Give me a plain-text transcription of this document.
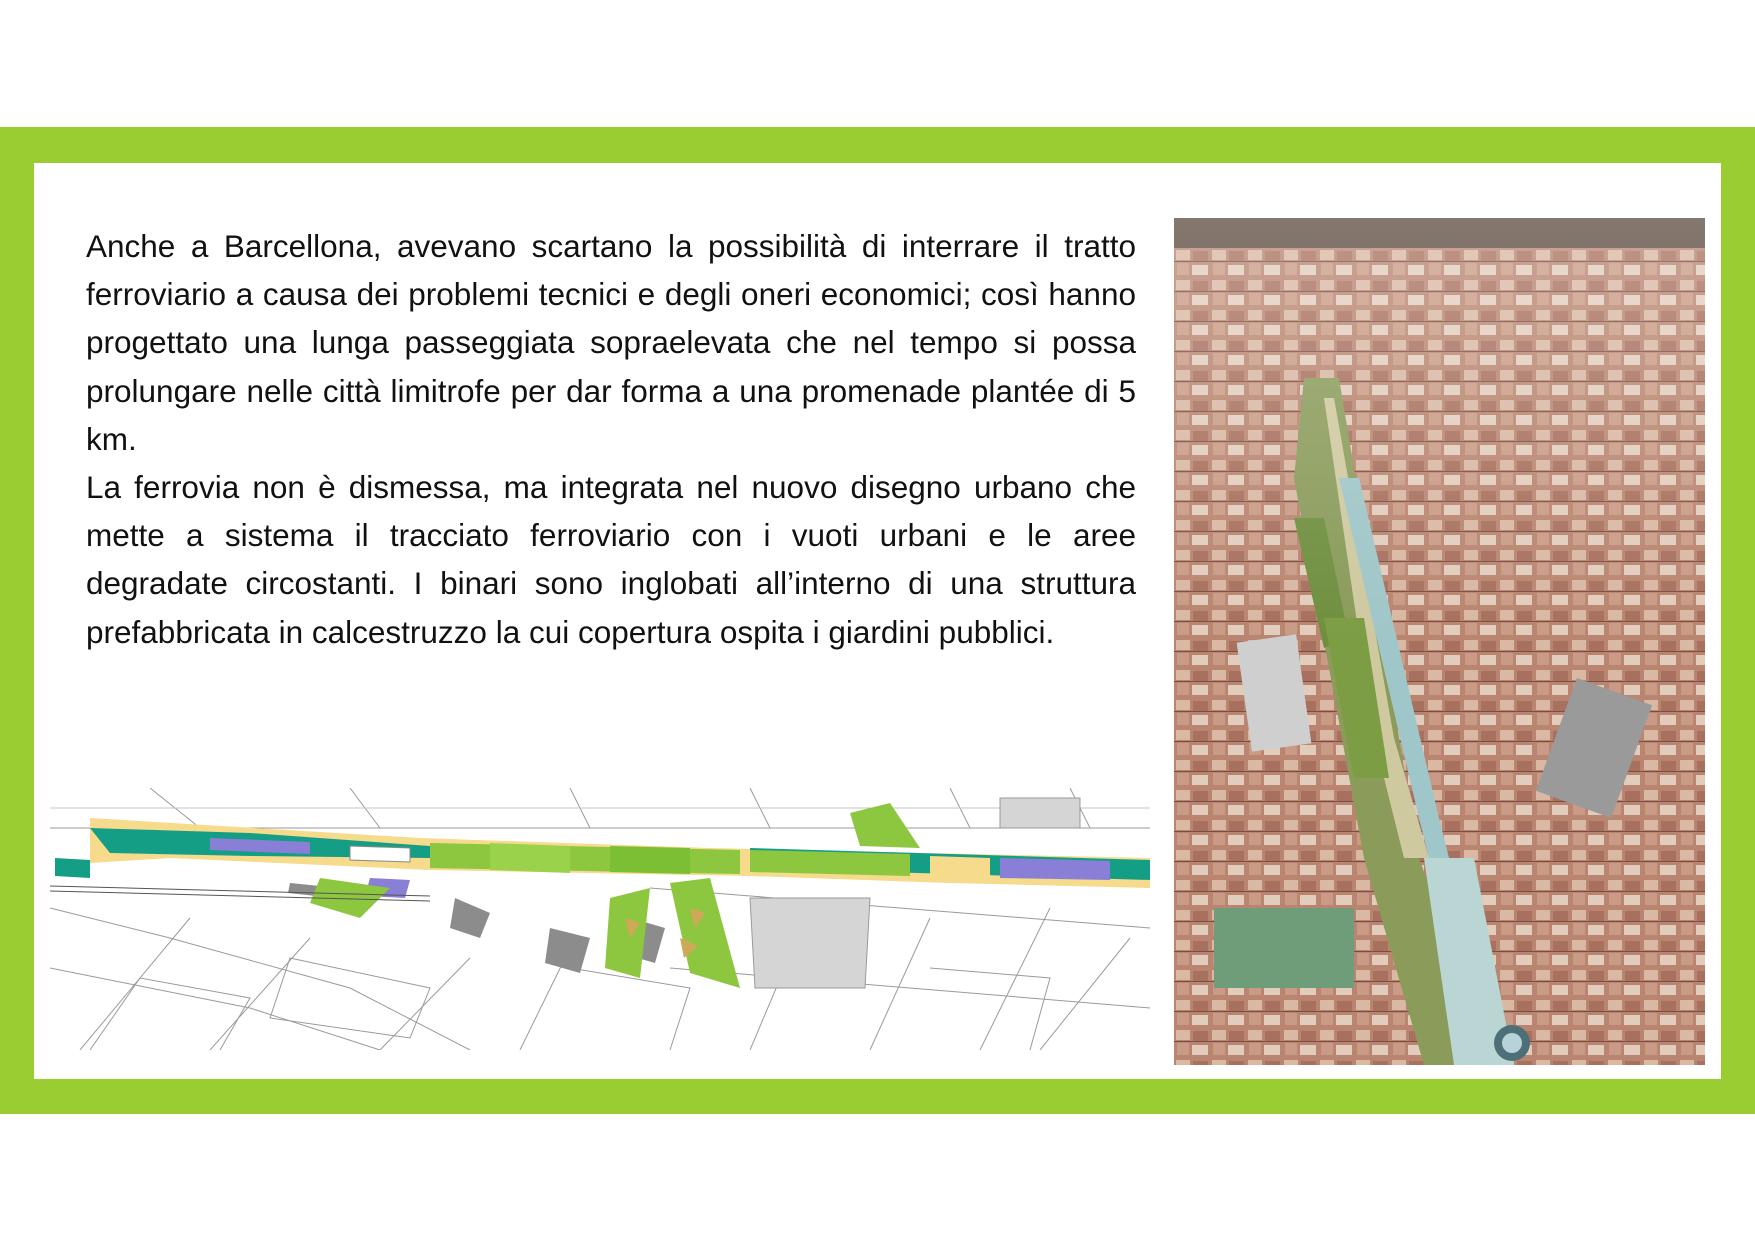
Anche a Barcellona, avevano scartano la possibilità di interrare il tratto ferroviario a causa dei problemi tecnici e degli oneri economici; così hanno progettato una lunga passeggiata sopraelevata che nel tempo si possa prolungare nelle città limitrofe per dar forma a una promenade plantée di 5 km.

La ferrovia non è dismessa, ma integrata nel nuovo disegno urbano che mette a sistema il tracciato ferroviario con i vuoti urbani e le aree degradate circostanti. I binari sono inglobati all’interno di una struttura prefabbricata in calcestruzzo la cui copertura ospita i giardini pubblici.
